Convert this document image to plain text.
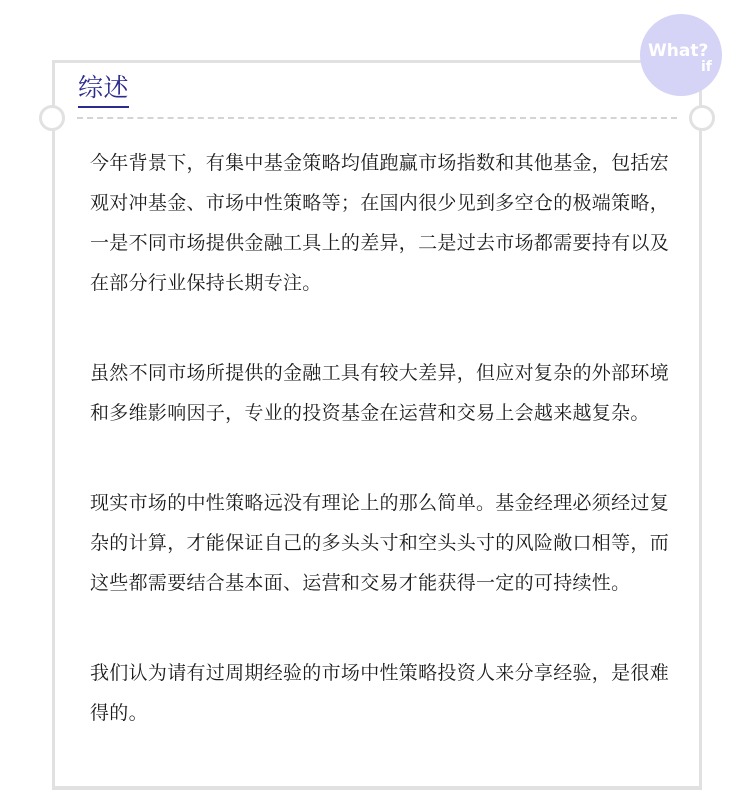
What?
if
综述

今年背景下，有集中基金策略均值跑赢市场指数和其他基金，包括宏观对冲基金、市场中性策略等；在国内很少见到多空仓的极端策略，一是不同市场提供金融工具上的差异，二是过去市场都需要持有以及在部分行业保持长期专注。

虽然不同市场所提供的金融工具有较大差异，但应对复杂的外部环境和多维影响因子，专业的投资基金在运营和交易上会越来越复杂。

现实市场的中性策略远没有理论上的那么简单。基金经理必须经过复杂的计算，才能保证自己的多头头寸和空头头寸的风险敞口相等，而这些都需要结合基本面、运营和交易才能获得一定的可持续性。

我们认为请有过周期经验的市场中性策略投资人来分享经验，是很难得的。
